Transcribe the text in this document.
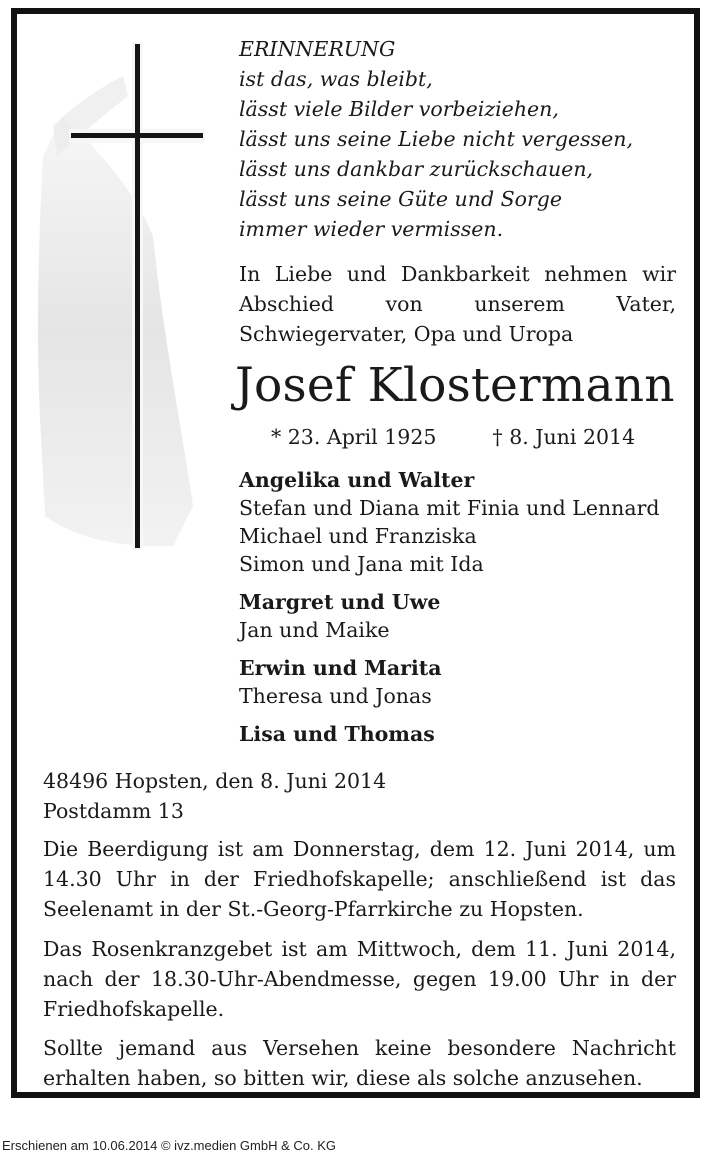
ERINNERUNG
ist das, was bleibt,
lässt viele Bilder vorbeiziehen,
lässt uns seine Liebe nicht vergessen,
lässt uns dankbar zurückschauen,
lässt uns seine Güte und Sorge
immer wieder vermissen.
In Liebe und Dankbarkeit nehmen wir Abschied von unserem Vater, Schwiegervater, Opa und Uropa
Josef Klostermann
* 23. April 1925	† 8. Juni 2014
Angelika und Walter
Stefan und Diana mit Finia und Lennard
Michael und Franziska
Simon und Jana mit Ida
Margret und Uwe
Jan und Maike
Erwin und Marita
Theresa und Jonas
Lisa und Thomas
48496 Hopsten, den 8. Juni 2014
Postdamm 13
Die Beerdigung ist am Donnerstag, dem 12. Juni 2014, um 14.30 Uhr in der Friedhofskapelle; anschließend ist das Seelenamt in der St.-Georg-Pfarrkirche zu Hopsten.
Das Rosenkranzgebet ist am Mittwoch, dem 11. Juni 2014, nach der 18.30-Uhr-Abendmesse, gegen 19.00 Uhr in der Friedhofskapelle.
Sollte jemand aus Versehen keine besondere Nachricht erhalten haben, so bitten wir, diese als solche anzusehen.
Erschienen am 10.06.2014 © ivz.medien GmbH & Co. KG
